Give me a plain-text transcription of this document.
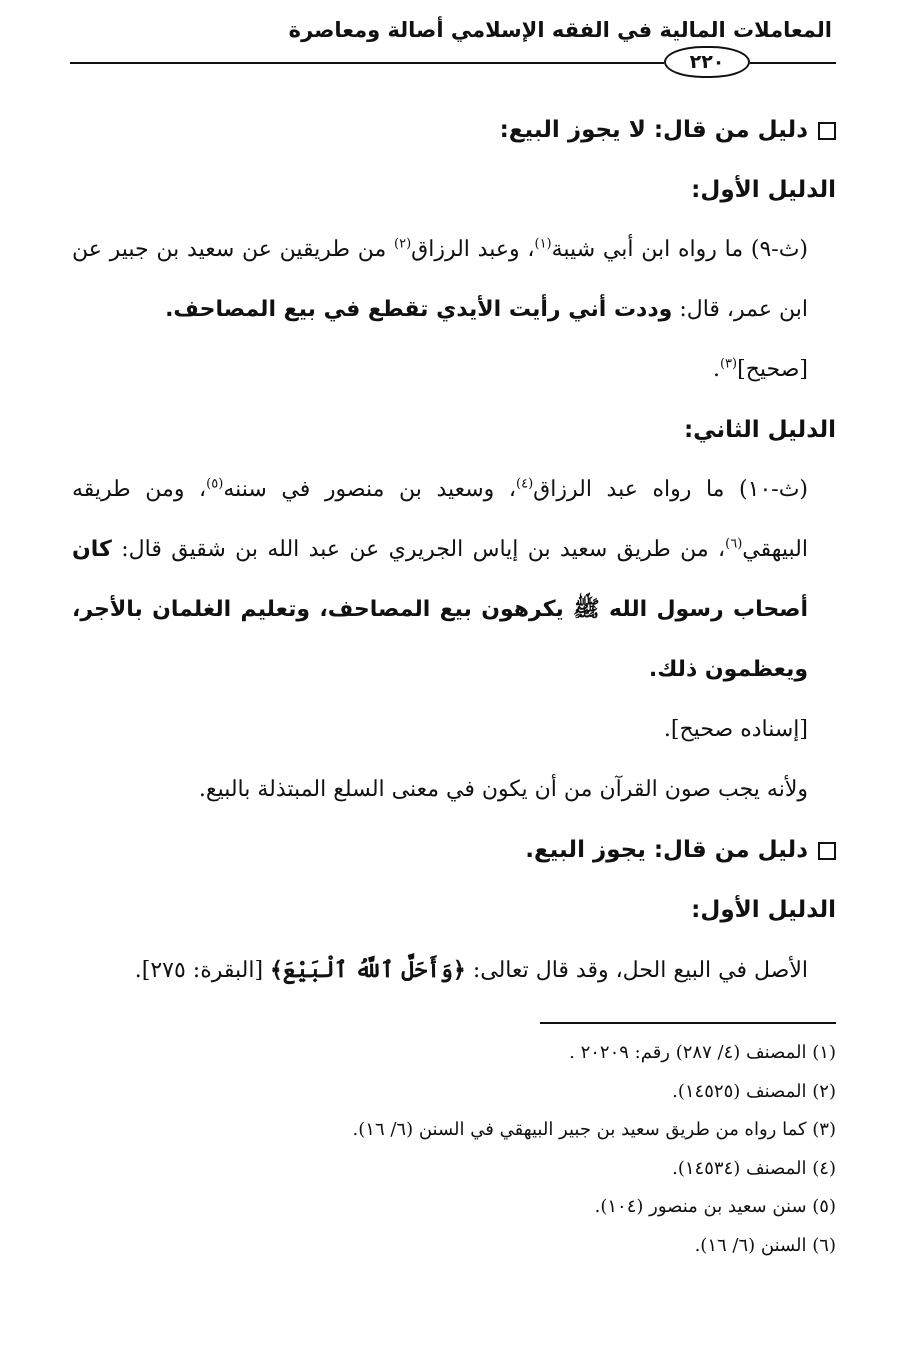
المعاملات المالية في الفقه الإسلامي أصالة ومعاصرة
٢٢٠

دليل من قال: لا يجوز البيع:

الدليل الأول:

(ث-٩) ما رواه ابن أبي شيبة$^{(١)}$، وعبد الرزاق$^{(٢)}$ من طريقين عن سعيد بن جبير عن ابن عمر، قال: وددت أني رأيت الأيدي تقطع في بيع المصاحف.

[صحيح]$^{(٣)}$.

الدليل الثاني:

(ث-١٠) ما رواه عبد الرزاق$^{(٤)}$، وسعيد بن منصور في سننه$^{(٥)}$، ومن طريقه البيهقي$^{(٦)}$، من طريق سعيد بن إياس الجريري عن عبد الله بن شقيق قال: كان أصحاب رسول الله ﷺ يكرهون بيع المصاحف، وتعليم الغلمان بالأجر، ويعظمون ذلك.

[إسناده صحيح].

ولأنه يجب صون القرآن من أن يكون في معنى السلع المبتذلة بالبيع.

دليل من قال: يجوز البيع.

الدليل الأول:

الأصل في البيع الحل، وقد قال تعالى: ﴿وَأَحَلَّ ٱللَّهُ ٱلْبَيْعَ﴾ [البقرة: ٢٧٥].

(١) المصنف (٤/ ٢٨٧) رقم: ٢٠٢٠٩ .

(٢) المصنف (١٤٥٢٥).

(٣) كما رواه من طريق سعيد بن جبير البيهقي في السنن (٦/ ١٦).

(٤) المصنف (١٤٥٣٤).

(٥) سنن سعيد بن منصور (١٠٤).

(٦) السنن (٦/ ١٦).
